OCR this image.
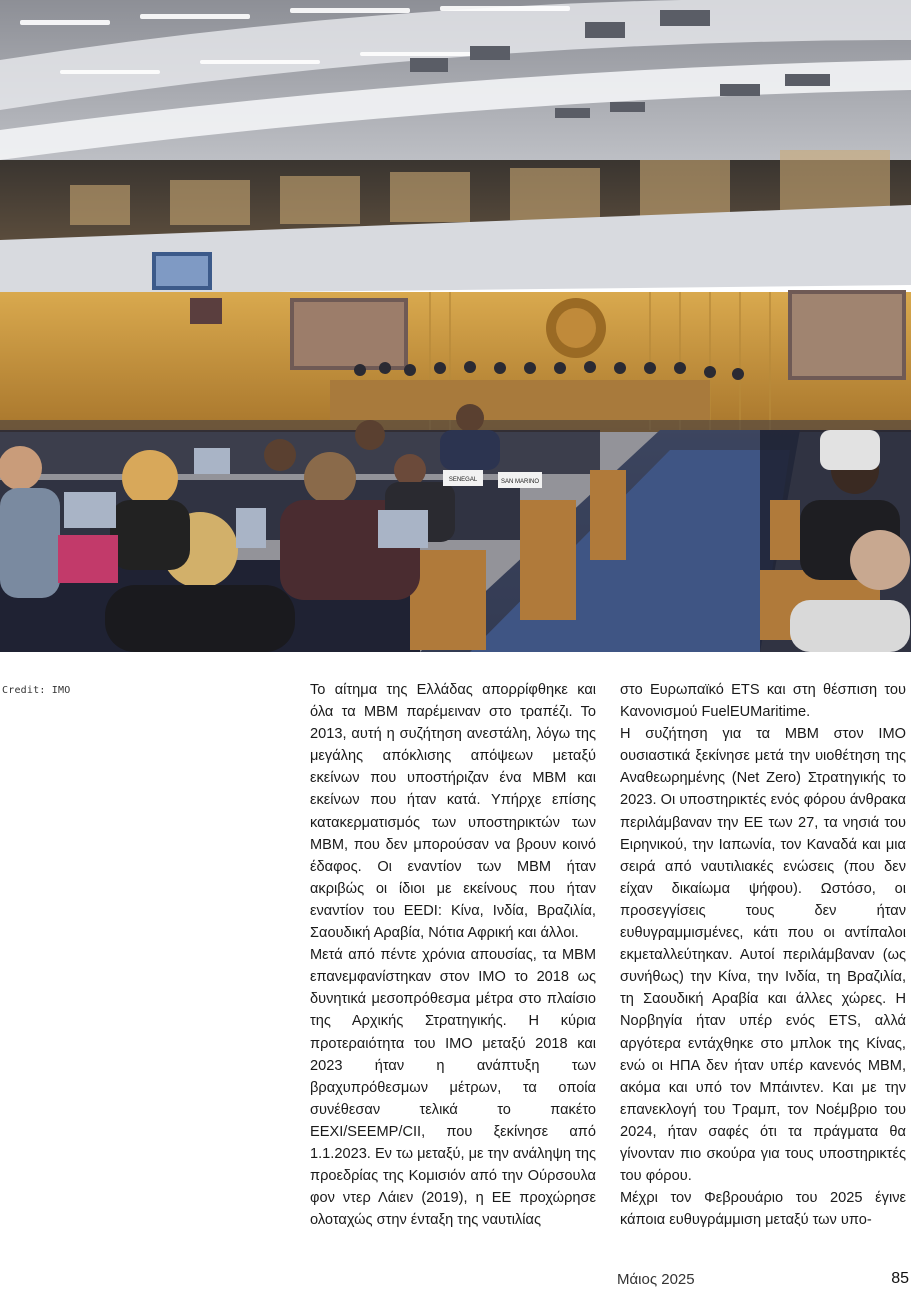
SENEGAL	SAN MARINO
Credit: IMO	Το αίτημα της Ελλάδας απορρίφθηκε και όλα τα MBM παρέμειναν στο τραπέζι. Το 2013, αυτή η συζήτηση ανεστάλη, λόγω της μεγάλης απόκλισης απόψεων μεταξύ εκείνων που υποστήριζαν ένα MBM και εκείνων που ήταν κατά. Υπήρχε επίσης κατακερματισμός των υποστηρικτών των MBM, που δεν μπορούσαν να βρουν κοινό έδαφος. Οι εναντίον των MBM ήταν ακριβώς οι ίδιοι με εκείνους που ήταν εναντίον του EEDI: Κίνα, Ινδία, Βραζιλία, Σαουδική Αραβία, Νότια Αφρική και άλλοι.

Μετά από πέντε χρόνια απουσίας, τα MBM επανεμφανίστηκαν στον IMO το 2018 ως δυνητικά μεσοπρόθεσμα μέτρα στο πλαίσιο της Αρχικής Στρατηγικής. Η κύρια προτεραιότητα του IMO μεταξύ 2018 και 2023 ήταν η ανάπτυξη των βραχυπρόθεσμων μέτρων, τα οποία συνέθεσαν τελικά το πακέτο EEXI/SEEMP/CII, που ξεκίνησε από 1.1.2023. Εν τω μεταξύ, με την ανάληψη της προεδρίας της Κομισιόν από την Ούρσουλα φον ντερ Λάιεν (2019), η ΕΕ προχώρησε ολοταχώς στην ένταξη της ναυτιλίας

στο Ευρωπαϊκό ETS και στη θέσπιση του Κανονισμού FuelEUMaritime.

Η συζήτηση για τα MBM στον IMO ουσιαστικά ξεκίνησε μετά την υιοθέτηση της Αναθεωρημένης (Net Zero) Στρατηγικής το 2023. Οι υποστηρικτές ενός φόρου άνθρακα περιλάμβαναν την ΕΕ των 27, τα νησιά του Ειρηνικού, την Ιαπωνία, τον Καναδά και μια σειρά από ναυτιλιακές ενώσεις (που δεν είχαν δικαίωμα ψήφου). Ωστόσο, οι προσεγγίσεις τους δεν ήταν ευθυγραμμισμένες, κάτι που οι αντίπαλοι εκμεταλλεύτηκαν. Αυτοί περιλάμβαναν (ως συνήθως) την Κίνα, την Ινδία, τη Βραζιλία, τη Σαουδική Αραβία και άλλες χώρες. Η Νορβηγία ήταν υπέρ ενός ETS, αλλά αργότερα εντάχθηκε στο μπλοκ της Κίνας, ενώ οι ΗΠΑ δεν ήταν υπέρ κανενός MBM, ακόμα και υπό τον Μπάιντεν. Και με την επανεκλογή του Τραμπ, τον Νοέμβριο του 2024, ήταν σαφές ότι τα πράγματα θα γίνονταν πιο σκούρα για τους υποστηρικτές του φόρου.

Μέχρι τον Φεβρουάριο του 2025 έγινε κάποια ευθυγράμμιση μεταξύ των υπο-

Μάιος 2025	85
